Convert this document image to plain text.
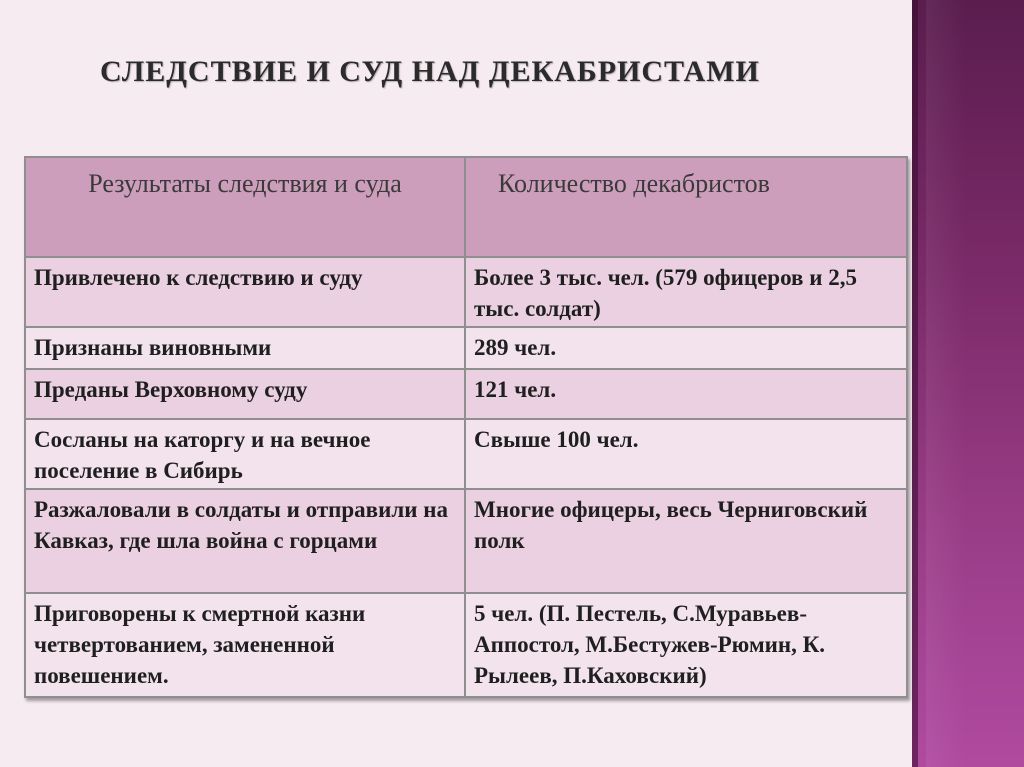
СЛЕДСТВИЕ И СУД НАД ДЕКАБРИСТАМИ
Результаты следствия и суда	Количество декабристов
Привлечено к следствию и суду	Более 3 тыс. чел. (579 офицеров и 2,5 тыс. солдат)
Признаны виновными	289 чел.
Преданы Верховному суду	121 чел.
Сосланы на каторгу и на вечное поселение в Сибирь	Свыше 100 чел.
Разжаловали в солдаты и отправили на Кавказ, где шла война с горцами	Многие офицеры, весь Черниговский полк
Приговорены к смертной казни четвертованием, замененной повешением.	5 чел. (П. Пестель, С.Муравьев-Аппостол, М.Бестужев-Рюмин, К. Рылеев, П.Каховский)
